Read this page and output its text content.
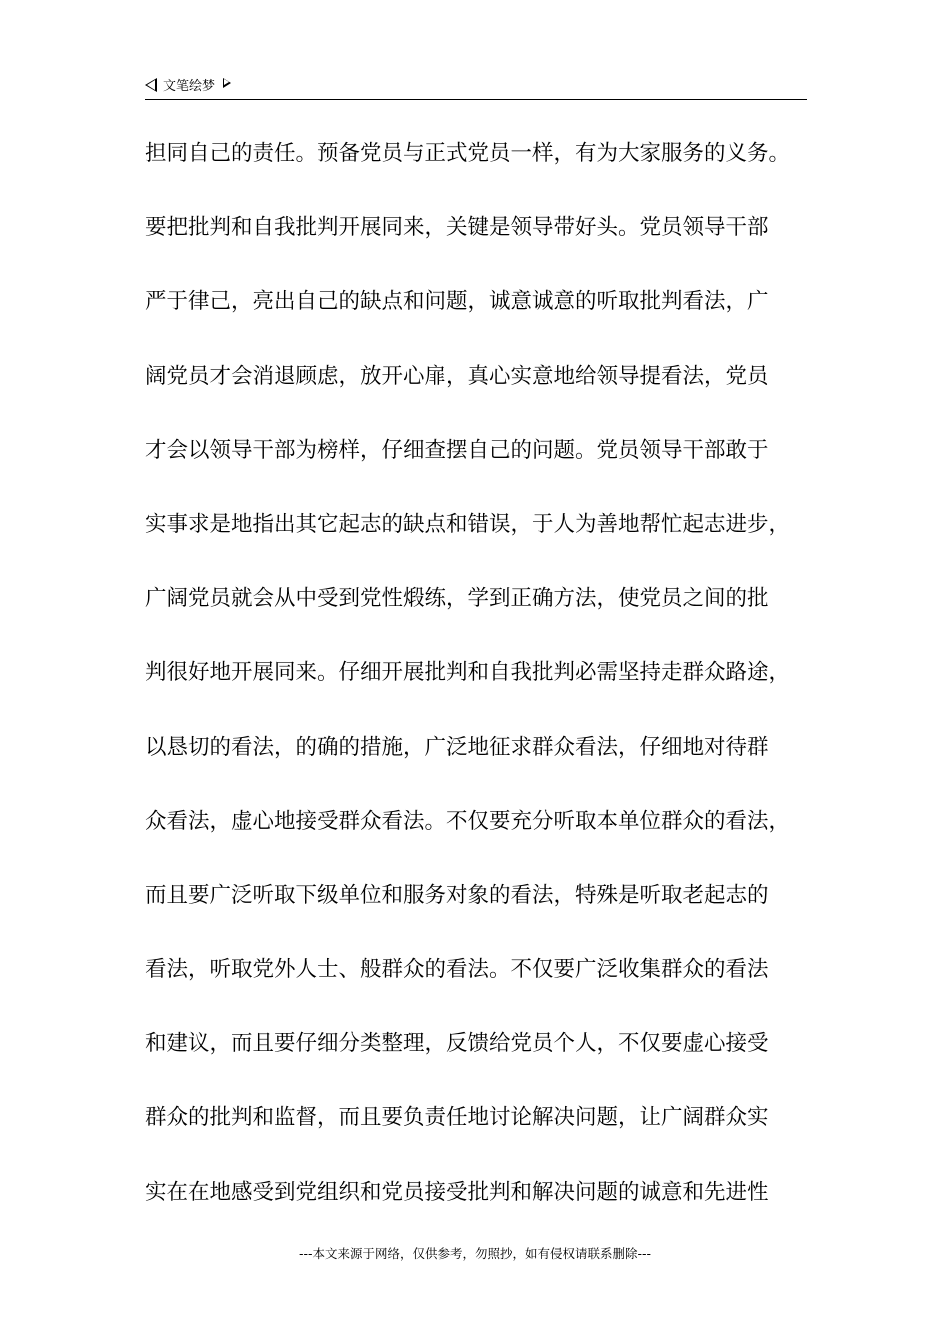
文笔绘梦
担同自己的责任。预备党员与正式党员一样，有为大家服务的义务。
要把批判和自我批判开展同来，关键是领导带好头。党员领导干部
严于律己，亮出自己的缺点和问题，诚意诚意的听取批判看法，广
阔党员才会消退顾虑，放开心扉，真心实意地给领导提看法，党员
才会以领导干部为榜样，仔细查摆自己的问题。党员领导干部敢于
实事求是地指出其它起志的缺点和错误，于人为善地帮忙起志进步，
广阔党员就会从中受到党性煅练，学到正确方法，使党员之间的批
判很好地开展同来。仔细开展批判和自我批判必需坚持走群众路途，
以恳切的看法，的确的措施，广泛地征求群众看法，仔细地对待群
众看法，虚心地接受群众看法。不仅要充分听取本单位群众的看法，
而且要广泛听取下级单位和服务对象的看法，特殊是听取老起志的
看法，听取党外人士、般群众的看法。不仅要广泛收集群众的看法
和建议，而且要仔细分类整理，反馈给党员个人，不仅要虚心接受
群众的批判和监督，而且要负责任地讨论解决问题，让广阔群众实
实在在地感受到党组织和党员接受批判和解决问题的诚意和先进性
---本文来源于网络，仅供参考，勿照抄，如有侵权请联系删除---
